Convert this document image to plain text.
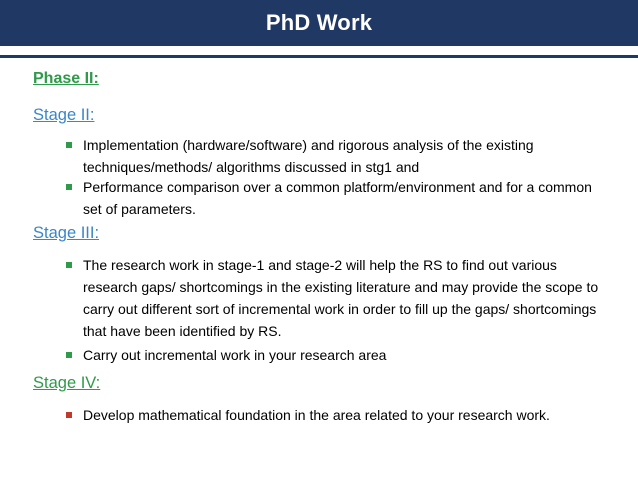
PhD Work
Phase II:
Stage II:
Implementation (hardware/software) and rigorous analysis of the existing techniques/methods/ algorithms discussed in stg1 and
Performance comparison over a common platform/environment and for a common set of parameters.
Stage III:
The research work in stage-1 and stage-2 will help the RS to find out various research gaps/ shortcomings in the existing literature and may provide the scope to carry out different sort of incremental work in order to fill up the gaps/ shortcomings that have been identified by RS.
Carry out incremental work in your research area
Stage IV:
Develop mathematical foundation in the area related to your research work.
